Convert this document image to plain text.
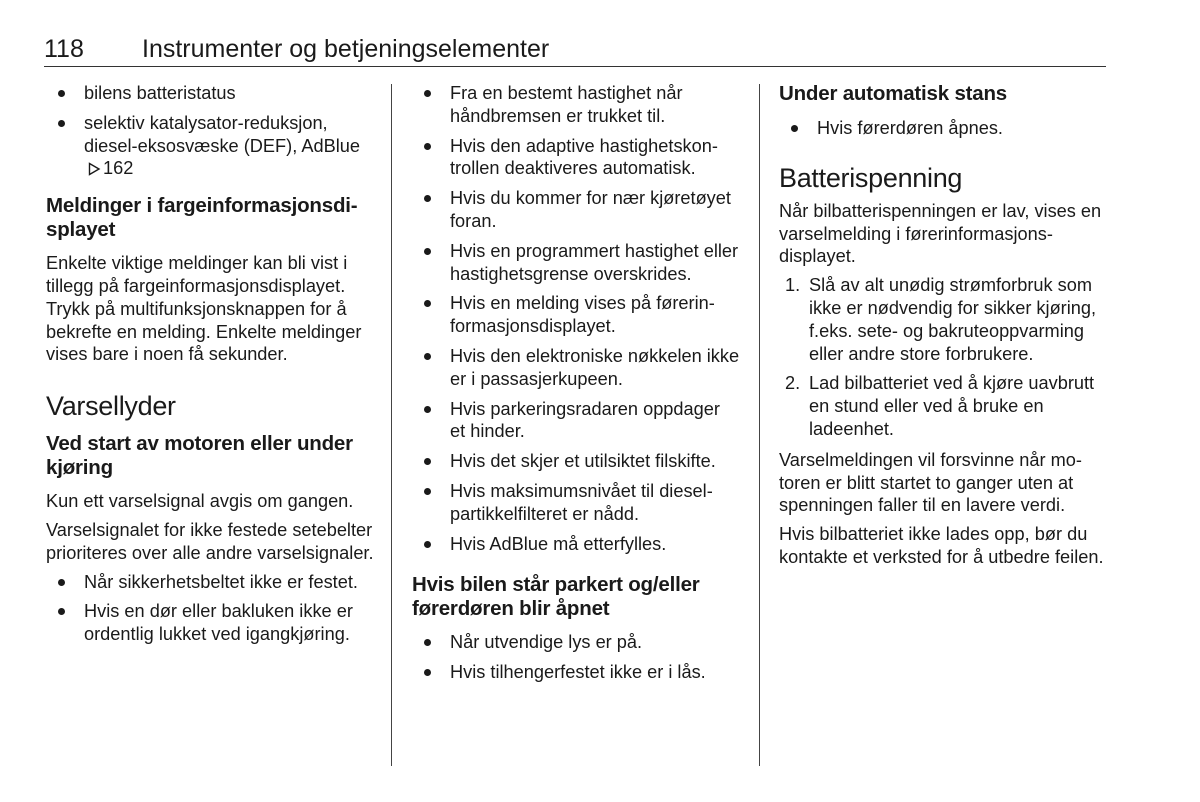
118 Instrumenter og betjeningselementer
bilens batteristatus
selektiv katalysator-reduksjon, diesel-eksosvæske (DEF), AdBlue162
Meldinger i fargeinformasjonsdisplayet

Enkelte viktige meldinger kan bli vist i tillegg på fargeinformasjonsdisplayet. Trykk på multifunksjonsknappen for å bekrefte en melding. Enkelte meldinger vises bare i noen få sekunder.

Varsellyder
Ved start av motoren eller under kjøring

Kun ett varselsignal avgis om gangen.

Varselsignalet for ikke festede setebelter prioriteres over alle andre varselsignaler.

Når sikkerhetsbeltet ikke er festet.
Hvis en dør eller bakluken ikke er ordentlig lukket ved igangkjøring.
Fra en bestemt hastighet når håndbremsen er trukket til.
Hvis den adaptive hastighetskontrollen deaktiveres automatisk.
Hvis du kommer for nær kjøretøyet foran.
Hvis en programmert hastighet eller hastighetsgrense overskrides.
Hvis en melding vises på førerinformasjonsdisplayet.
Hvis den elektroniske nøkkelen ikke er i passasjerkupeen.
Hvis parkeringsradaren oppdager et hinder.
Hvis det skjer et utilsiktet filskifte.
Hvis maksimumsnivået til dieselpartikkelfilteret er nådd.
Hvis AdBlue må etterfylles.
Hvis bilen står parkert og/eller førerdøren blir åpnet
Når utvendige lys er på.
Hvis tilhengerfestet ikke er i lås.
Under automatisk stans
Hvis førerdøren åpnes.
Batterispenning

Når bilbatterispenningen er lav, vises en varselmelding i førerinformasjonsdisplayet.

1. Slå av alt unødig strømforbruk som ikke er nødvendig for sikker kjøring, f.eks. sete- og bakruteoppvarming eller andre store forbrukere.
2. Lad bilbatteriet ved å kjøre uavbrutt en stund eller ved å bruke en ladeenhet.

Varselmeldingen vil forsvinne når motoren er blitt startet to ganger uten at spenningen faller til en lavere verdi.

Hvis bilbatteriet ikke lades opp, bør du kontakte et verksted for å utbedre feilen.
